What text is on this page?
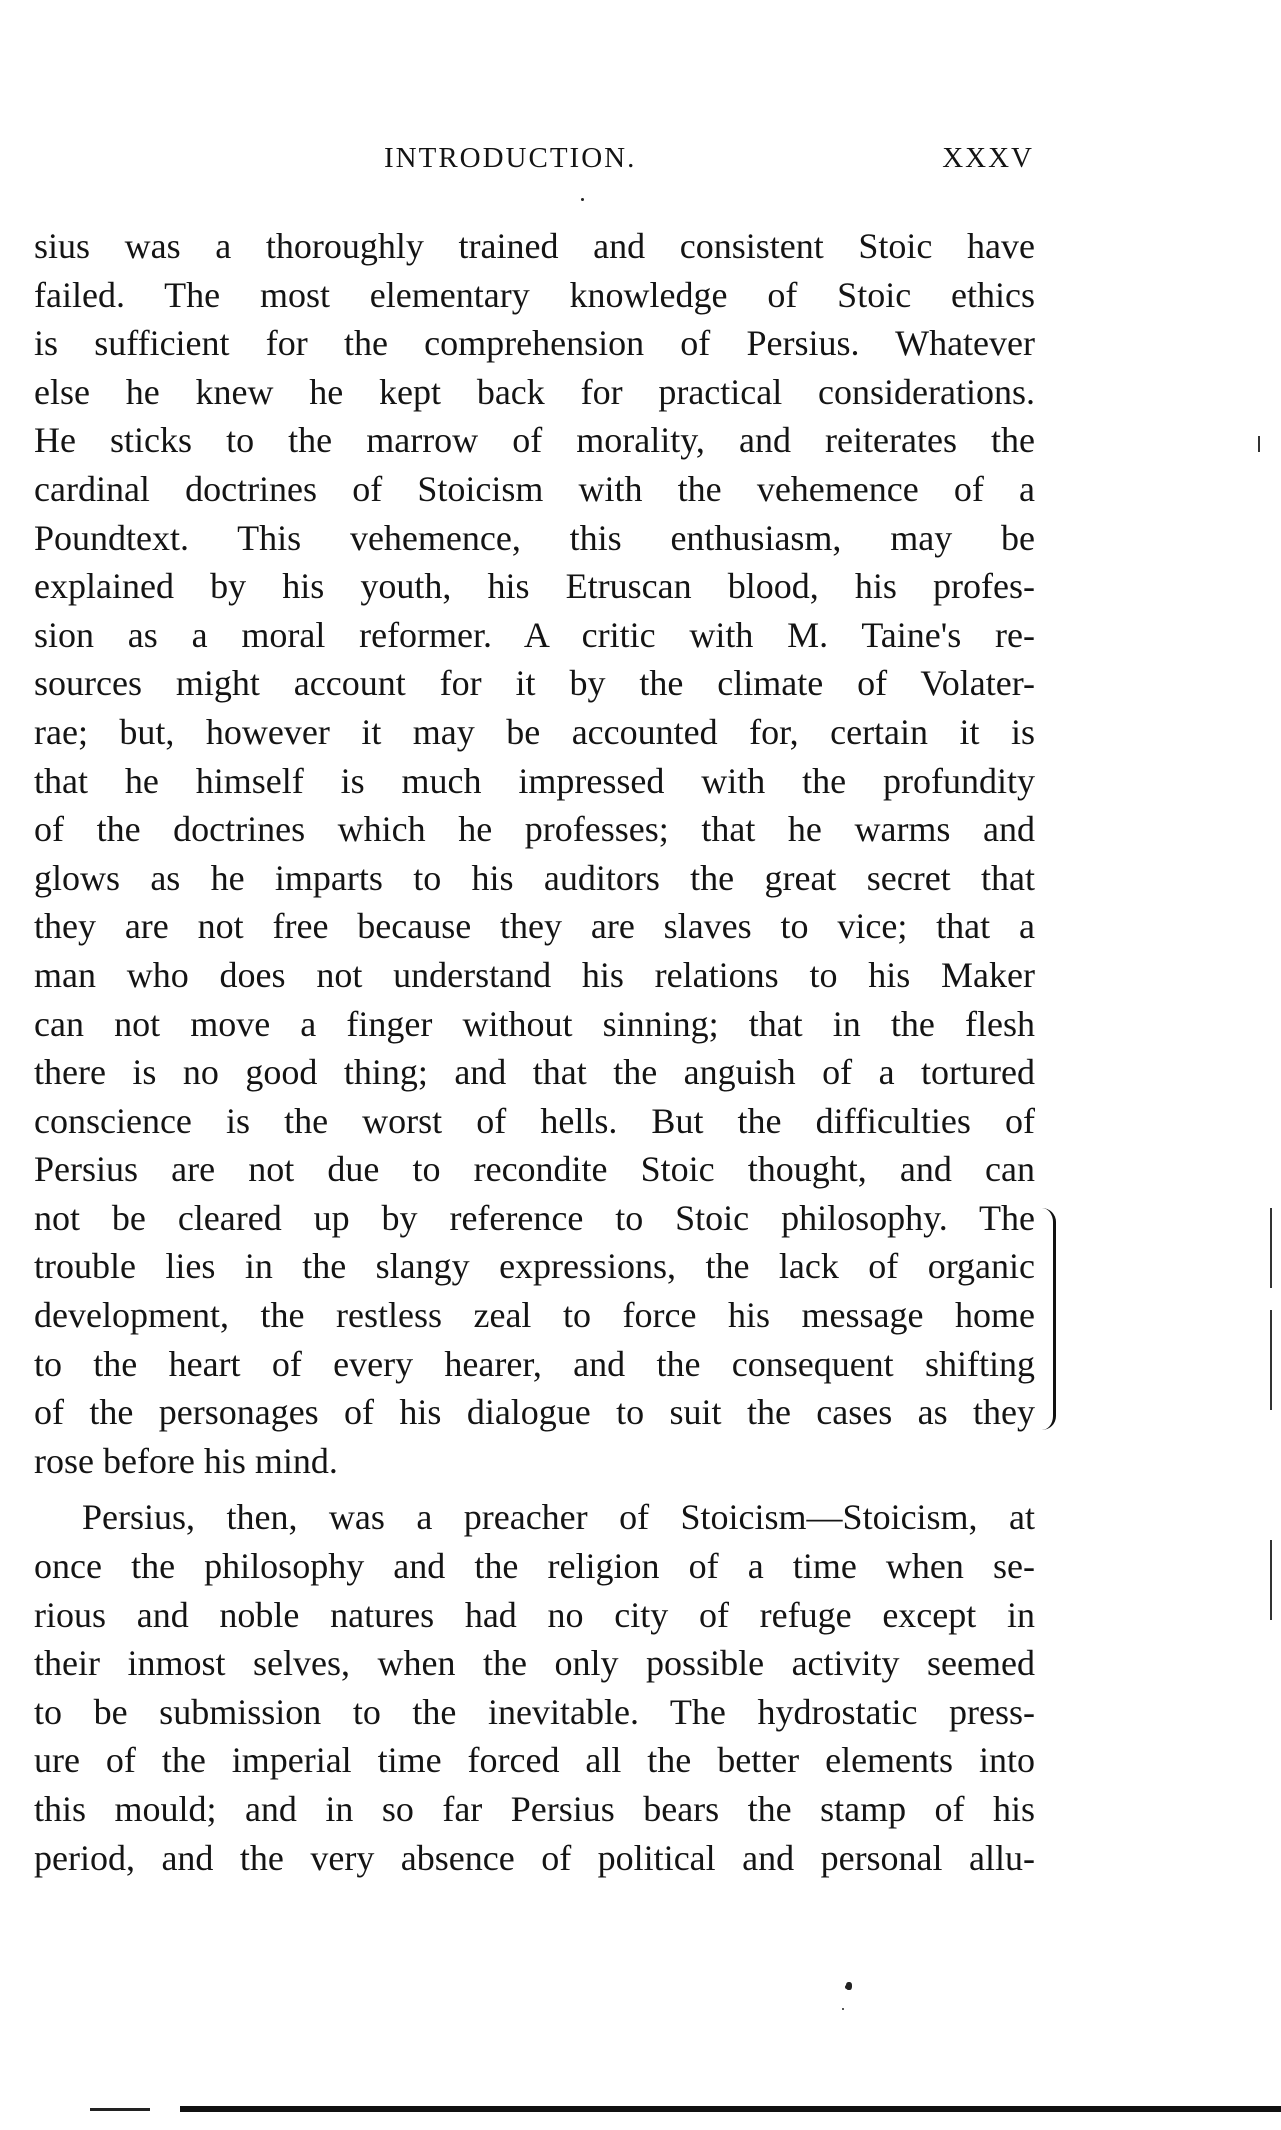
INTRODUCTION.	XXXV
sius was a thoroughly trained and consistent Stoic have
failed. The most elementary knowledge of Stoic ethics
is sufficient for the comprehension of Persius. Whatever
else he knew he kept back for practical considerations.
He sticks to the marrow of morality, and reiterates the
cardinal doctrines of Stoicism with the vehemence of a
Poundtext. This vehemence, this enthusiasm, may be
explained by his youth, his Etruscan blood, his profes-
sion as a moral reformer. A critic with M. Taine's re-
sources might account for it by the climate of Volater-
rae; but, however it may be accounted for, certain it is
that he himself is much impressed with the profundity
of the doctrines which he professes; that he warms and
glows as he imparts to his auditors the great secret that
they are not free because they are slaves to vice; that a
man who does not understand his relations to his Maker
can not move a finger without sinning; that in the flesh
there is no good thing; and that the anguish of a tortured
conscience is the worst of hells. But the difficulties of
Persius are not due to recondite Stoic thought, and can
not be cleared up by reference to Stoic philosophy. The
trouble lies in the slangy expressions, the lack of organic
development, the restless zeal to force his message home
to the heart of every hearer, and the consequent shifting
of the personages of his dialogue to suit the cases as they
rose before his mind.
Persius, then, was a preacher of Stoicism—Stoicism, at
once the philosophy and the religion of a time when se-
rious and noble natures had no city of refuge except in
their inmost selves, when the only possible activity seemed
to be submission to the inevitable. The hydrostatic press-
ure of the imperial time forced all the better elements into
this mould; and in so far Persius bears the stamp of his
period, and the very absence of political and personal allu-
